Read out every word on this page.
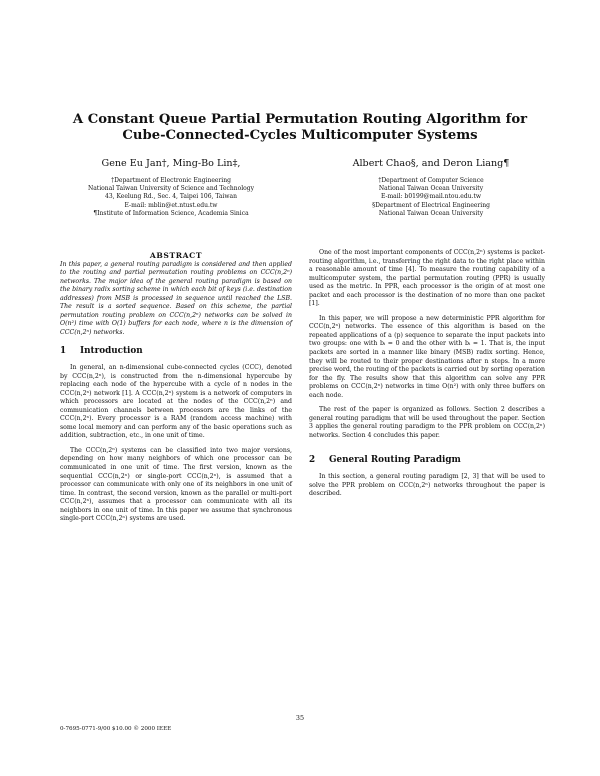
A Constant Queue Partial Permutation Routing Algorithm for
Cube-Connected-Cycles Multicomputer Systems
Gene Eu Jan†, Ming-Bo Lin‡,
†Department of Electronic Engineering
National Taiwan University of Science and Technology
43, Keelung Rd., Sec. 4, Taipei 106, Taiwan
E-mail: mblin@et.ntust.edu.tw
¶Institute of Information Science, Academia Sinica
Albert Chao§, and Deron Liang¶
†Department of Computer Science
National Taiwan Ocean University
E-mail: b0199@mail.ntou.edu.tw
§Department of Electrical Engineering
National Taiwan Ocean University

ABSTRACT

In this paper, a general routing paradigm is considered and then applied to the routing and partial permutation routing problems on CCC(n,2ⁿ) networks. The major idea of the general routing paradigm is based on the binary radix sorting scheme in which each bit of keys (i.e. destination addresses) from MSB is processed in sequence until reached the LSB. The result is a sorted sequence. Based on this scheme, the partial permutation routing problem on CCC(n,2ⁿ) networks can be solved in O(n²) time with O(1) buffers for each node, where n is the dimension of CCC(n,2ⁿ) networks.

1 Introduction

In general, an n-dimensional cube-connected cycles (CCC), denoted by CCC(n,2ⁿ), is constructed from the n-dimensional hypercube by replacing each node of the hypercube with a cycle of n nodes in the CCC(n,2ⁿ) network [1]. A CCC(n,2ⁿ) system is a network of computers in which processors are located at the nodes of the CCC(n,2ⁿ) and communication channels between processors are the links of the CCC(n,2ⁿ). Every processor is a RAM (random access machine) with some local memory and can perform any of the basic operations such as addition, subtraction, etc., in one unit of time.

The CCC(n,2ⁿ) systems can be classified into two major versions, depending on how many neighbors of which one processor can be communicated in one unit of time. The first version, known as the sequential CCC(n,2ⁿ) or single-port CCC(n,2ⁿ), is assumed that a processor can communicate with only one of its neighbors in one unit of time. In contrast, the second version, known as the parallel or multi-port CCC(n,2ⁿ), assumes that a processor can communicate with all its neighbors in one unit of time. In this paper we assume that synchronous single-port CCC(n,2ⁿ) systems are used.

One of the most important components of CCC(n,2ⁿ) systems is packet-routing algorithm, i.e., transferring the right data to the right place within a reasonable amount of time [4]. To measure the routing capability of a multicomputer system, the partial permutation routing (PPR) is usually used as the metric. In PPR, each processor is the origin of at most one packet and each processor is the destination of no more than one packet [1].

In this paper, we will propose a new deterministic PPR algorithm for CCC(n,2ⁿ) networks. The essence of this algorithm is based on the repeated applications of a (p) sequence to separate the input packets into two groups: one with bᵢ = 0 and the other with bᵢ = 1. That is, the input packets are sorted in a manner like binary (MSB) radix sorting. Hence, they will be routed to their proper destinations after n steps. In a more precise word, the routing of the packets is carried out by sorting operation for the fly. The results show that this algorithm can solve any PPR problems on CCC(n,2ⁿ) networks in time O(n²) with only three buffers on each node.

The rest of the paper is organized as follows. Section 2 describes a general routing paradigm that will be used throughout the paper. Section 3 applies the general routing paradigm to the PPR problem on CCC(n,2ⁿ) networks. Section 4 concludes this paper.

2 General Routing Paradigm

In this section, a general routing paradigm [2, 3] that will be used to solve the PPR problem on CCC(n,2ⁿ) networks throughout the paper is described.

35
0-7695-0771-9/00 $10.00 © 2000 IEEE
